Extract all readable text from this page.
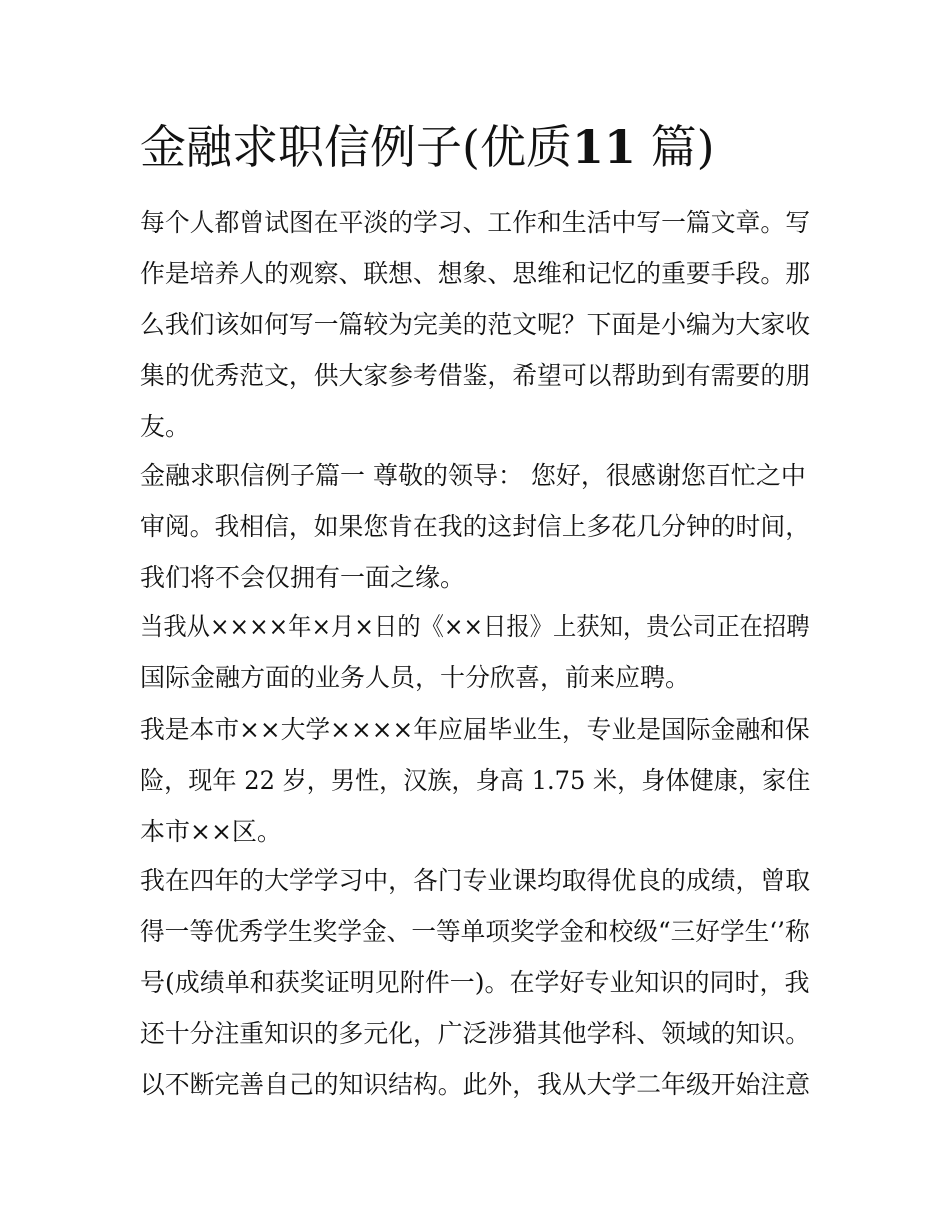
金融求职信例子(优质11 篇)

每个人都曾试图在平淡的学习、工作和生活中写一篇文章。写

作是培养人的观察、联想、想象、思维和记忆的重要手段。那

么我们该如何写一篇较为完美的范文呢？下面是小编为大家收

集的优秀范文，供大家参考借鉴，希望可以帮助到有需要的朋

友。

金融求职信例子篇一 尊敬的领导： 您好，很感谢您百忙之中

审阅。我相信，如果您肯在我的这封信上多花几分钟的时间，

我们将不会仅拥有一面之缘。

当我从××××年×月×日的《××日报》上获知，贵公司正在招聘

国际金融方面的业务人员，十分欣喜，前来应聘。

我是本市××大学××××年应届毕业生，专业是国际金融和保

险，现年 22 岁，男性，汉族，身高 1.75 米，身体健康，家住

本市××区。

我在四年的大学学习中，各门专业课均取得优良的成绩，曾取

得一等优秀学生奖学金、一等单项奖学金和校级“三好学生‘’称

号(成绩单和获奖证明见附件一)。在学好专业知识的同时，我

还十分注重知识的多元化，广泛涉猎其他学科、领域的知识。

以不断完善自己的知识结构。此外，我从大学二年级开始注意
